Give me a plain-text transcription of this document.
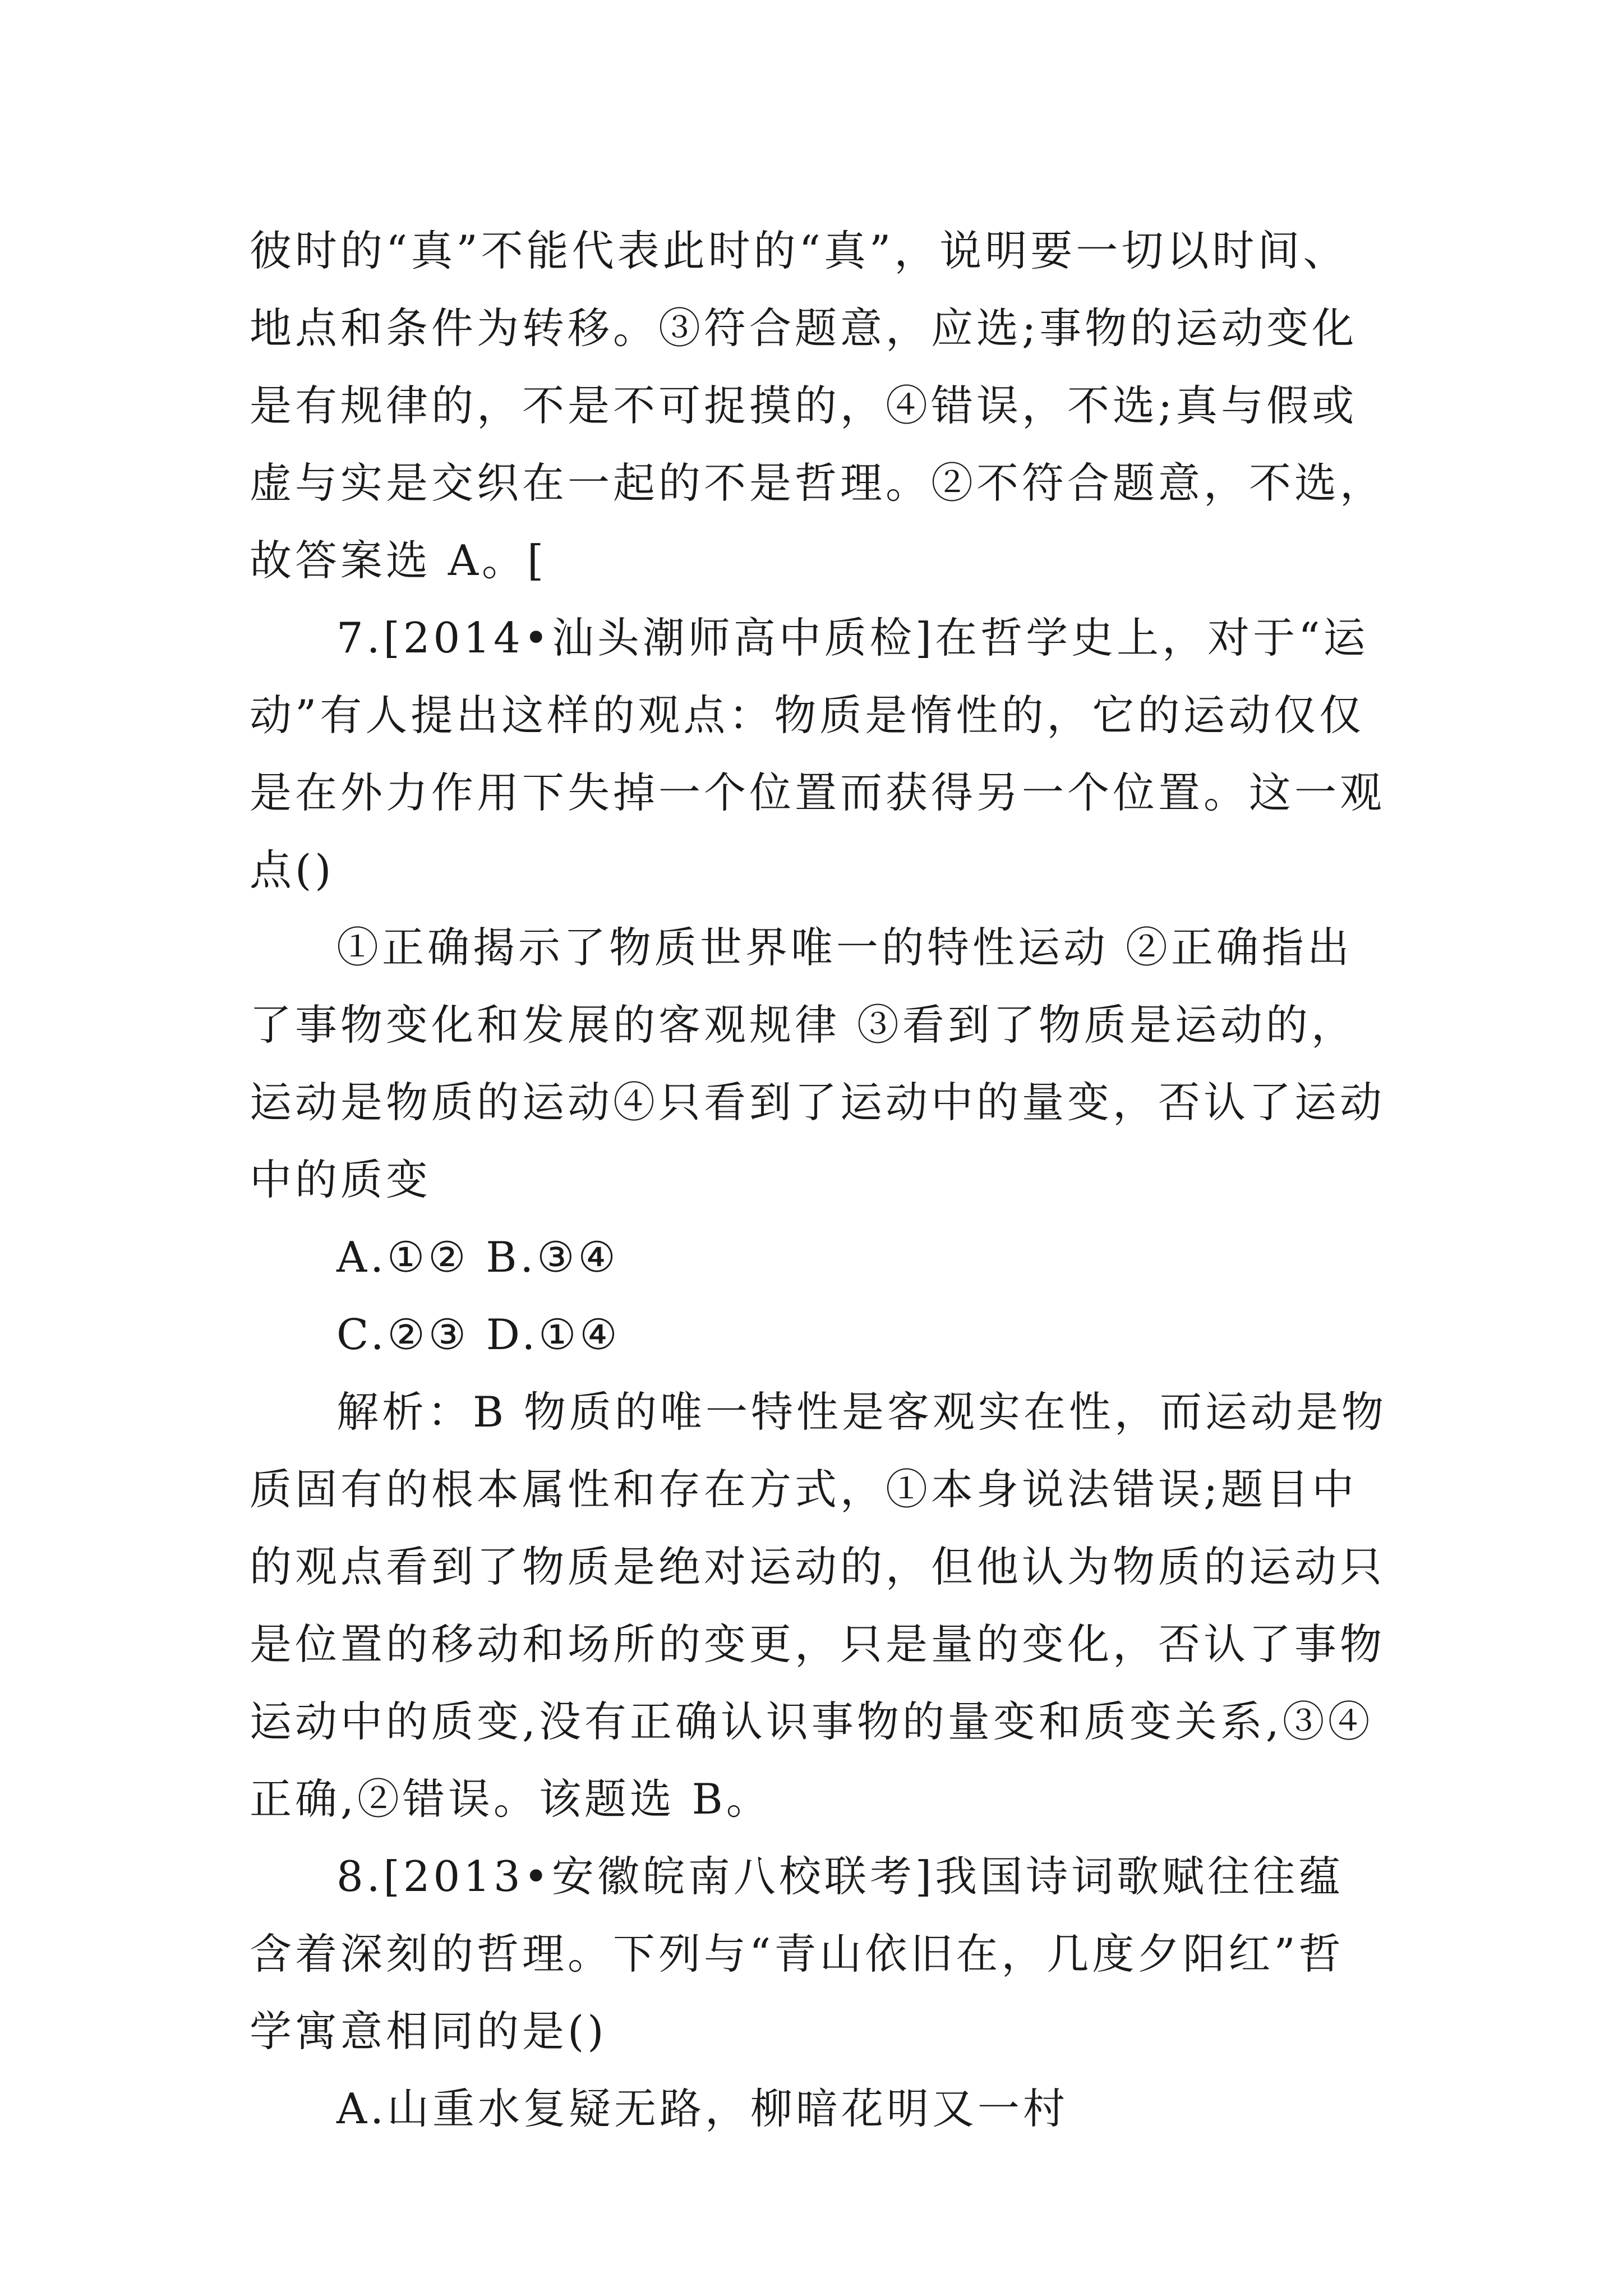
彼时的“真”不能代表此时的“真”，说明要一切以时间、地点和条件为转移。③符合题意，应选;事物的运动变化是有规律的，不是不可捉摸的，④错误，不选;真与假或虚与实是交织在一起的不是哲理。②不符合题意，不选，故答案选 A。[

7.[2014•汕头潮师高中质检]在哲学史上，对于“运动”有人提出这样的观点：物质是惰性的，它的运动仅仅是在外力作用下失掉一个位置而获得另一个位置。这一观点()

①正确揭示了物质世界唯一的特性运动 ②正确指出了事物变化和发展的客观规律 ③看到了物质是运动的，运动是物质的运动④只看到了运动中的量变，否认了运动中的质变

A.①② B.③④

C.②③ D.①④

解析：B 物质的唯一特性是客观实在性，而运动是物质固有的根本属性和存在方式，①本身说法错误;题目中的观点看到了物质是绝对运动的，但他认为物质的运动只是位置的移动和场所的变更，只是量的变化，否认了事物运动中的质变,没有正确认识事物的量变和质变关系,③④正确,②错误。该题选 B。

8.[2013•安徽皖南八校联考]我国诗词歌赋往往蕴含着深刻的哲理。下列与“青山依旧在，几度夕阳红”哲学寓意相同的是()

A.山重水复疑无路，柳暗花明又一村
